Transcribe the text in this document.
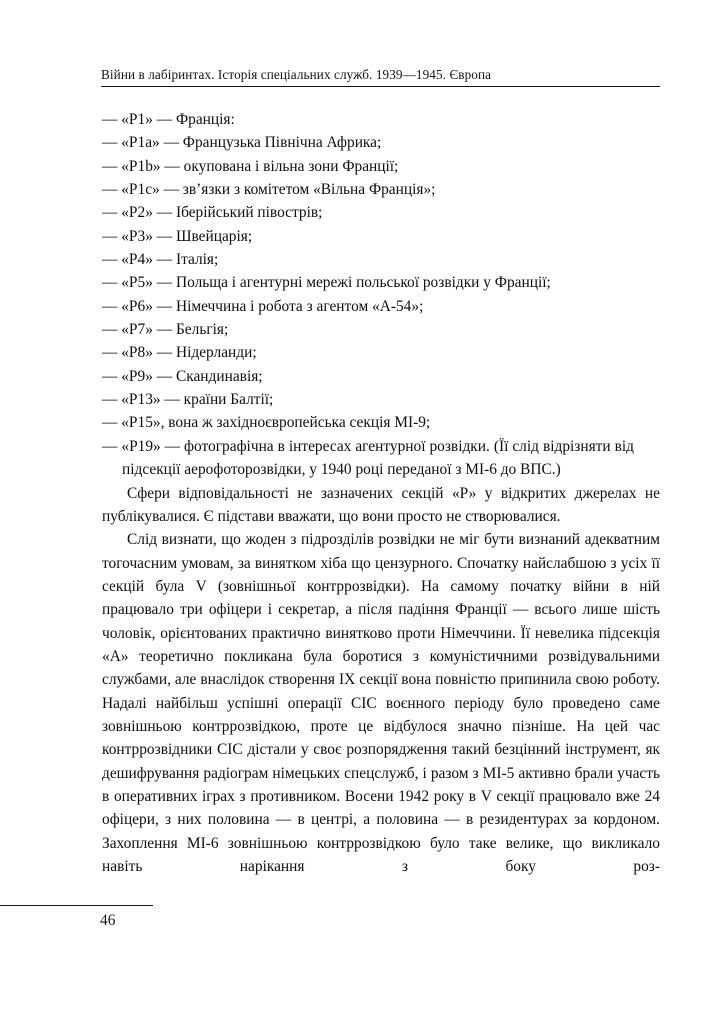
Війни в лабіринтах. Історія спеціальних служб. 1939—1945. Європа
— «Р1» — Франція:
— «Р1а» — Французька Північна Африка;
— «Р1b» — окупована і вільна зони Франції;
— «Р1с» — зв’язки з комітетом «Вільна Франція»;
— «Р2» — Іберійський півострів;
— «Р3» — Швейцарія;
— «Р4» — Італія;
— «Р5» — Польща і агентурні мережі польської розвідки у Франції;
— «Р6» — Німеччина і робота з агентом «А-54»;
— «Р7» — Бельгія;
— «Р8» — Нідерланди;
— «Р9» — Скандинавія;
— «Р13» — країни Балтії;
— «Р15», вона ж західноєвропейська секція МІ-9;
— «Р19» — фотографічна в інтересах агентурної розвідки. (Її слід відрізняти від підсекції аерофоторозвідки, у 1940 році переданої з МІ-6 до ВПС.)

Сфери відповідальності не зазначених секцій «Р» у відкритих джерелах не публікувалися. Є підстави вважати, що вони просто не створювалися.

Слід визнати, що жоден з підрозділів розвідки не міг бути визнаний адекватним тогочасним умовам, за винятком хіба що цензурного. Спочатку найслабшою з усіх її секцій була V (зовнішньої контррозвідки). На самому початку війни в ній працювало три офіцери і секретар, а після падіння Франції — всього лише шість чоловік, орієнтованих практично винятково проти Німеччини. Її невелика підсекція «А» теоретично покликана була боротися з комуністичними розвідувальними службами, але внаслідок створення IX секції вона повністю припинила свою роботу. Надалі найбільш успішні операції СІС воєнного періоду було проведено саме зовнішньою контррозвідкою, проте це відбулося значно пізніше. На цей час контррозвідники СІС дістали у своє розпорядження такий безцінний інструмент, як дешифрування радіограм німецьких спецслужб, і разом з МІ-5 активно брали участь в оперативних іграх з противником. Восени 1942 року в V секції працювало вже 24 офіцери, з них половина — в центрі, а половина — в резидентурах за кордоном. Захоплення МІ-6 зовнішньою контррозвідкою було таке велике, що викликало навіть нарікання з боку роз-

46
